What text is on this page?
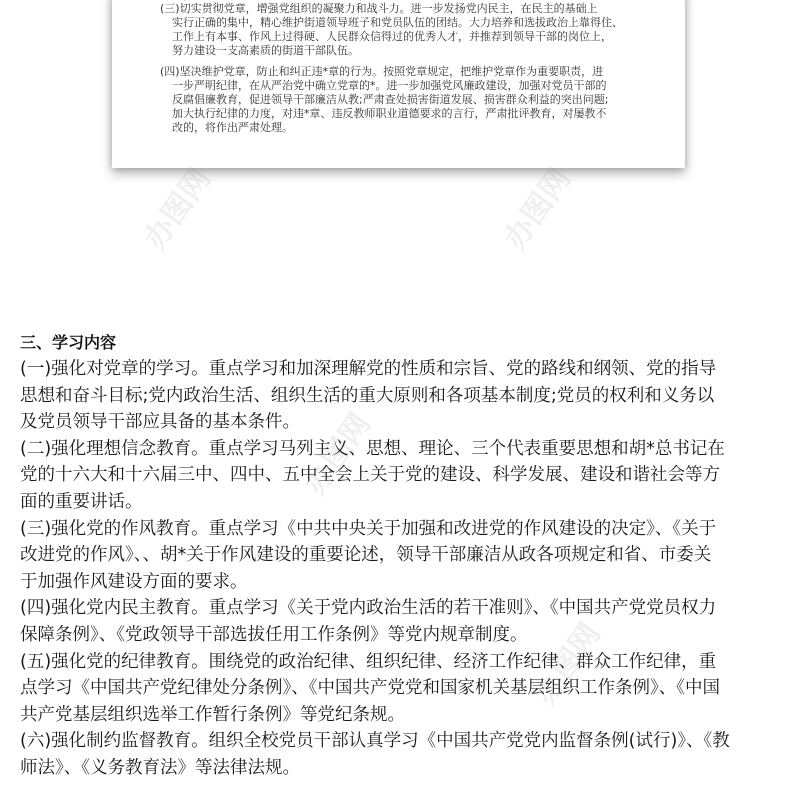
(三)切实贯彻党章，增强党组织的凝聚力和战斗力。进一步发扬党内民主，在民主的基础上
实行正确的集中，精心维护街道领导班子和党员队伍的团结。大力培养和选拔政治上靠得住、
工作上有本事、作风上过得硬、人民群众信得过的优秀人才，并推荐到领导干部的岗位上，
努力建设一支高素质的街道干部队伍。
(四)坚决维护党章，防止和纠正违*章的行为。按照党章规定，把维护党章作为重要职责，进
一步严明纪律，在从严治党中确立党章的*。进一步加强党风廉政建设，加强对党员干部的
反腐倡廉教育，促进领导干部廉洁从教;严肃查处损害街道发展、损害群众利益的突出问题;
加大执行纪律的力度，对违*章、违反教师职业道德要求的言行，严肃批评教育，对屡教不
改的，将作出严肃处理。
办图网	办图网
办图网
办图网
三、学习内容
(一)强化对党章的学习。重点学习和加深理解党的性质和宗旨、党的路线和纲领、党的指导
思想和奋斗目标;党内政治生活、组织生活的重大原则和各项基本制度;党员的权利和义务以
及党员领导干部应具备的基本条件。
(二)强化理想信念教育。重点学习马列主义、思想、理论、三个代表重要思想和胡*总书记在
党的十六大和十六届三中、四中、五中全会上关于党的建设、科学发展、建设和谐社会等方
面的重要讲话。
(三)强化党的作风教育。重点学习《中共中央关于加强和改进党的作风建设的决定》、《关于
改进党的作风》、、胡*关于作风建设的重要论述，领导干部廉洁从政各项规定和省、市委关
于加强作风建设方面的要求。
(四)强化党内民主教育。重点学习《关于党内政治生活的若干准则》、《中国共产党党员权力
保障条例》、《党政领导干部选拔任用工作条例》等党内规章制度。
(五)强化党的纪律教育。围绕党的政治纪律、组织纪律、经济工作纪律、群众工作纪律，重
点学习《中国共产党纪律处分条例》、《中国共产党党和国家机关基层组织工作条例》、《中国
共产党基层组织选举工作暂行条例》等党纪条规。
(六)强化制约监督教育。组织全校党员干部认真学习《中国共产党党内监督条例(试行)》、《教
师法》、《义务教育法》等法律法规。
